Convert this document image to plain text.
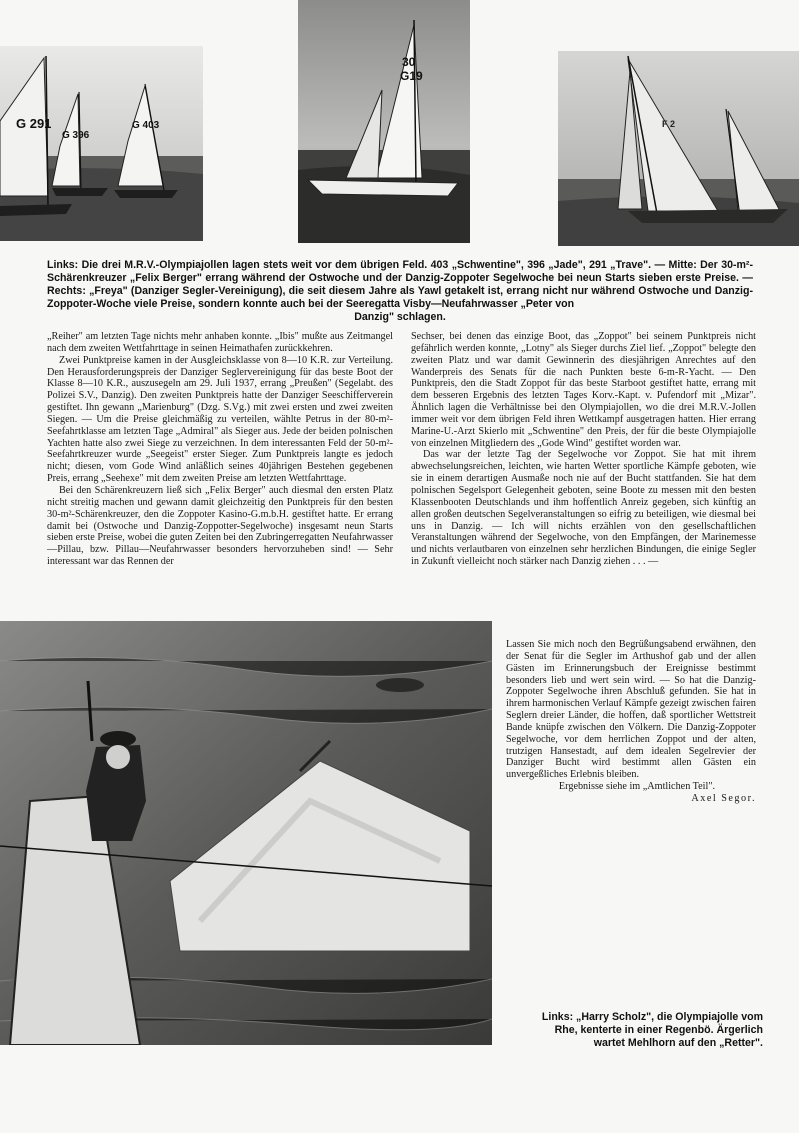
G 291
G 396
G 403
30
G19
F 2
Links: Die drei M.R.V.-Olympiajollen lagen stets weit vor dem übrigen Feld. 403 „Schwentine", 396 „Jade", 291 „Trave". — Mitte: Der 30-m²-Schärenkreuzer „Felix Berger" errang während der Ostwoche und der Danzig-Zoppoter Segelwoche bei neun Starts sieben erste Preise. — Rechts: „Freya" (Danziger Segler-Vereinigung), die seit diesem Jahre als Yawl getakelt ist, errang nicht nur während Ostwoche und Danzig-Zoppoter-Woche viele Preise, sondern konnte auch bei der Seeregatta Visby—Neufahrwasser „Peter von
Danzig" schlagen.

„Reiher" am letzten Tage nichts mehr anhaben konnte. „Ibis" mußte aus Zeitmangel nach dem zweiten Wettfahrttage in seinen Heimathafen zurückkehren.

Zwei Punktpreise kamen in der Ausgleichsklasse von 8—10 K.R. zur Verteilung. Den Herausforderungspreis der Danziger Seglervereinigung für das beste Boot der Klasse 8—10 K.R., auszusegeln am 29. Juli 1937, errang „Preußen" (Segelabt. des Polizei S.V., Danzig). Den zweiten Punktpreis hatte der Danziger Seeschifferverein gestiftet. Ihn gewann „Marienburg" (Dzg. S.Vg.) mit zwei ersten und zwei zweiten Siegen. — Um die Preise gleichmäßig zu verteilen, wählte Petrus in der 80-m²-Seefahrtklasse am letzten Tage „Admiral" als Sieger aus. Jede der beiden polnischen Yachten hatte also zwei Siege zu verzeichnen. In dem interessanten Feld der 50-m²-Seefahrtkreuzer wurde „Seegeist" erster Sieger. Zum Punktpreis langte es jedoch nicht; diesen, vom Gode Wind anläßlich seines 40jährigen Bestehen gegebenen Preis, errang „Seehexe" mit dem zweiten Preise am letzten Wettfahrttage.

Bei den Schärenkreuzern ließ sich „Felix Berger" auch diesmal den ersten Platz nicht streitig machen und gewann damit gleichzeitig den Punktpreis für den besten 30-m²-Schärenkreuzer, den die Zoppoter Kasino-G.m.b.H. gestiftet hatte. Er errang damit bei (Ostwoche und Danzig-Zoppotter-Segelwoche) insgesamt neun Starts sieben erste Preise, wobei die guten Zeiten bei den Zubringerregatten Neufahrwasser—Pillau, bzw. Pillau—Neufahrwasser besonders hervorzuheben sind! — Sehr interessant war das Rennen der

Sechser, bei denen das einzige Boot, das „Zoppot" bei seinem Punktpreis nicht gefährlich werden konnte, „Lotny" als Sieger durchs Ziel lief. „Zoppot" belegte den zweiten Platz und war damit Gewinnerin des diesjährigen Anrechtes auf den Wanderpreis des Senats für die nach Punkten beste 6-m-R-Yacht. — Den Punktpreis, den die Stadt Zoppot für das beste Starboot gestiftet hatte, errang mit dem besseren Ergebnis des letzten Tages Korv.-Kapt. v. Pufendorf mit „Mizar". Ähnlich lagen die Verhältnisse bei den Olympiajollen, wo die drei M.R.V.-Jollen immer weit vor dem übrigen Feld ihren Wettkampf ausgetragen hatten. Hier errang Marine-U.-Arzt Skierlo mit „Schwentine" den Preis, der für die beste Olympiajolle von einzelnen Mitgliedern des „Gode Wind" gestiftet worden war.

Das war der letzte Tag der Segelwoche vor Zoppot. Sie hat mit ihrem abwechselungsreichen, leichten, wie harten Wetter sportliche Kämpfe geboten, wie sie in einem derartigen Ausmaße noch nie auf der Bucht stattfanden. Sie hat dem polnischen Segelsport Gelegenheit geboten, seine Boote zu messen mit den besten Klassenbooten Deutschlands und ihm hoffentlich Anreiz gegeben, sich künftig an allen großen deutschen Segelveranstaltungen so eifrig zu beteiligen, wie diesmal bei uns in Danzig. — Ich will nichts erzählen von den gesellschaftlichen Veranstaltungen während der Segelwoche, von den Empfängen, der Marinemesse und nichts verlautbaren von einzelnen sehr herzlichen Bindungen, die einige Segler in Zukunft vielleicht noch stärker nach Danzig ziehen . . . —

Lassen Sie mich noch den Begrüßungsabend erwähnen, den der Senat für die Segler im Arthushof gab und der allen Gästen im Erinnerungsbuch der Ereignisse bestimmt besonders lieb und wert sein wird. — So hat die Danzig-Zoppoter Segelwoche ihren Abschluß gefunden. Sie hat in ihrem harmonischen Verlauf Kämpfe gezeigt zwischen fairen Seglern dreier Länder, die hoffen, daß sportlicher Wettstreit Bande knüpfe zwischen den Völkern. Die Danzig-Zoppoter Segelwoche, vor dem herrlichen Zoppot und der alten, trutzigen Hansestadt, auf dem idealen Segelrevier der Danziger Bucht wird bestimmt allen Gästen ein unvergeßliches Erlebnis bleiben.

Ergebnisse siehe im „Amtlichen Teil".

Axel Segor.

Links: „Harry Scholz", die Olympiajolle vom
Rhe, kenterte in einer Regenbö. Ärgerlich
wartet Mehlhorn auf den „Retter".
